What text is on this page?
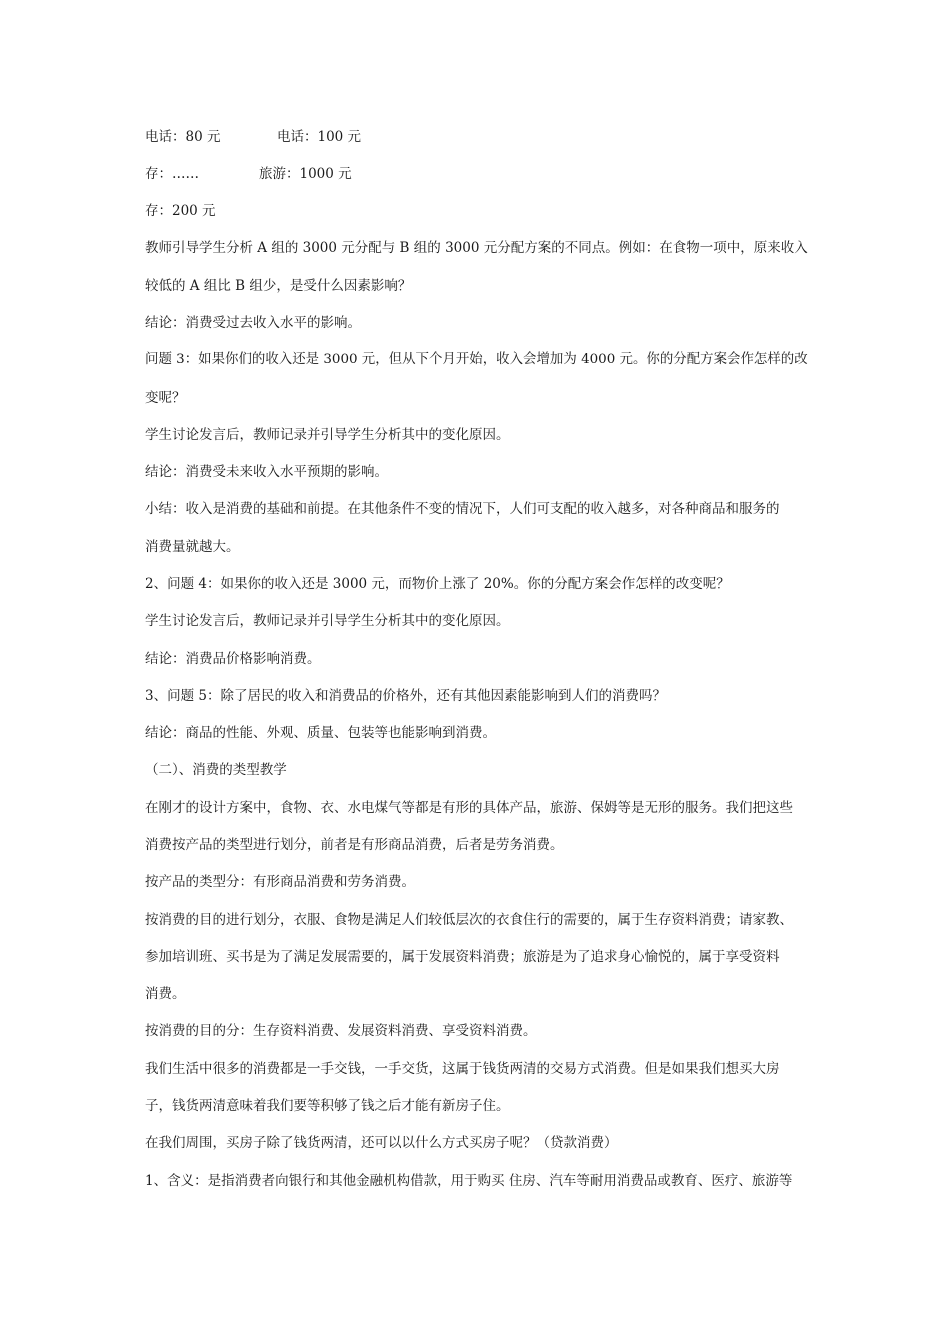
电话：80 元	电话：100 元
存：……	旅游：1000 元
存：200 元
教师引导学生分析 A 组的 3000 元分配与 B 组的 3000 元分配方案的不同点。例如：在食物一项中，原来收入
较低的 A 组比 B 组少，是受什么因素影响？
结论：消费受过去收入水平的影响。
问题 3：如果你们的收入还是 3000 元，但从下个月开始，收入会增加为 4000 元。你的分配方案会作怎样的改
变呢？
学生讨论发言后，教师记录并引导学生分析其中的变化原因。
结论：消费受未来收入水平预期的影响。
小结：收入是消费的基础和前提。在其他条件不变的情况下，人们可支配的收入越多，对各种商品和服务的
消费量就越大。
2、问题 4：如果你的收入还是 3000 元，而物价上涨了 20%。你的分配方案会作怎样的改变呢？
学生讨论发言后，教师记录并引导学生分析其中的变化原因。
结论：消费品价格影响消费。
3、问题 5：除了居民的收入和消费品的价格外，还有其他因素能影响到人们的消费吗？
结论：商品的性能、外观、质量、包装等也能影响到消费。
（二）、消费的类型教学
在刚才的设计方案中，食物、衣、水电煤气等都是有形的具体产品，旅游、保姆等是无形的服务。我们把这些
消费按产品的类型进行划分，前者是有形商品消费，后者是劳务消费。
按产品的类型分：有形商品消费和劳务消费。
按消费的目的进行划分，衣服、食物是满足人们较低层次的衣食住行的需要的，属于生存资料消费；请家教、
参加培训班、买书是为了满足发展需要的，属于发展资料消费；旅游是为了追求身心愉悦的，属于享受资料
消费。
按消费的目的分：生存资料消费、发展资料消费、享受资料消费。
我们生活中很多的消费都是一手交钱，一手交货，这属于钱货两清的交易方式消费。但是如果我们想买大房
子，钱货两清意味着我们要等积够了钱之后才能有新房子住。
在我们周围，买房子除了钱货两清，还可以以什么方式买房子呢？（贷款消费）
1、含义：是指消费者向银行和其他金融机构借款，用于购买 住房、汽车等耐用消费品或教育、医疗、旅游等
